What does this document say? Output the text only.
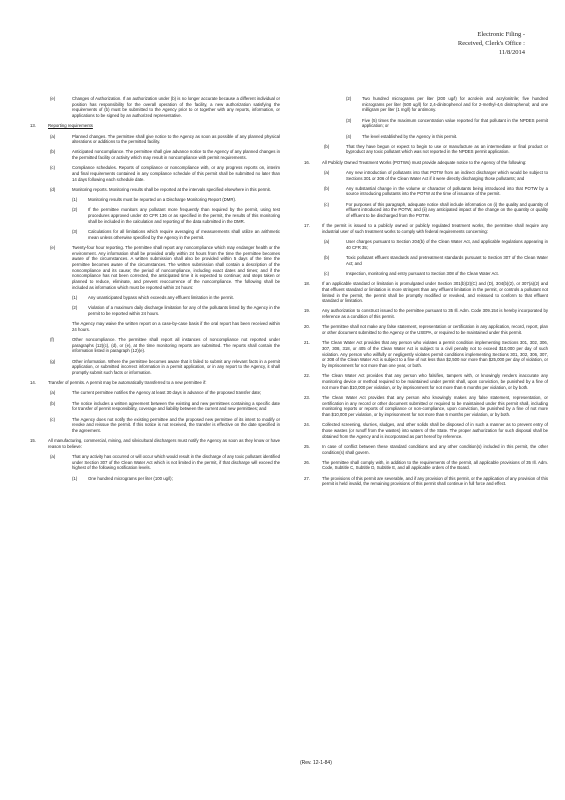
Electronic Filing -
Received, Clerk's Office :
11/8/2014
(e)	Changes of Authorization. If an authorization under (b) is no longer accurate because a different individual or position has responsibility for the overall operation of the facility, a new authorization satisfying the requirements of (b) must be submitted to the Agency prior to or together with any reports, information, or applications to be signed by an authorized representative.
13.	Reporting requirements
(a)	Planned changes. The permittee shall give notice to the Agency as soon as possible of any planned physical alterations or additions to the permitted facility.
(b)	Anticipated noncompliance. The permittee shall give advance notice to the Agency of any planned changes in the permitted facility or activity which may result in noncompliance with permit requirements.
(c)	Compliance schedules. Reports of compliance or noncompliance with, or any progress reports on, interim and final requirements contained in any compliance schedule of this permit shall be submitted no later than 14 days following each schedule date.
(d)	Monitoring reports. Monitoring results shall be reported at the intervals specified elsewhere in this permit.
(1) Monitoring results must be reported on a Discharge Monitoring Report (DMR).
(2) If the permittee monitors any pollutant more frequently than required by the permit, using test procedures approved under 40 CFR 136 or as specified in the permit, the results of this monitoring shall be included in the calculation and reporting of the data submitted in the DMR.
(3) Calculations for all limitations which require averaging of measurements shall utilize an arithmetic mean unless otherwise specified by the Agency in the permit.
(e)	Twenty-four hour reporting. The permittee shall report any noncompliance which may endanger health or the environment. Any information shall be provided orally within 24 hours from the time the permittee becomes aware of the circumstances. A written submission shall also be provided within 5 days of the time the permittee becomes aware of the circumstances. The written submission shall contain a description of the noncompliance and its cause; the period of noncompliance, including exact dates and times; and if the noncompliance has not been corrected, the anticipated time it is expected to continue; and steps taken or planned to reduce, eliminate, and prevent reoccurrence of the noncompliance. The following shall be included as information which must be reported within 24 hours:
(1) Any unanticipated bypass which exceeds any effluent limitation in the permit.
(2) Violation of a maximum daily discharge limitation for any of the pollutants listed by the Agency in the permit to be reported within 24 hours.
The Agency may waive the written report on a case-by-case basis if the oral report has been received within 24 hours.
(f)	Other noncompliance. The permittee shall report all instances of noncompliance not reported under paragraphs (12)(c), (d), or (e), at the time monitoring reports are submitted. The reports shall contain the information listed in paragraph (12)(e).
(g)	Other information. Where the permittee becomes aware that it failed to submit any relevant facts in a permit application, or submitted incorrect information in a permit application, or in any report to the Agency, it shall promptly submit such facts or information.
14.	Transfer of permits. A permit may be automatically transferred to a new permittee if:
(a)	The current permittee notifies the Agency at least 30 days in advance of the proposed transfer date;
(b)	The notice includes a written agreement between the existing and new permittees containing a specific date for transfer of permit responsibility, coverage and liability between the current and new permittees; and
(c)	The Agency does not notify the existing permittee and the proposed new permittee of its intent to modify or revoke and reissue the permit. If this notice is not received, the transfer is effective on the date specified in the agreement.
15.	All manufacturing, commercial, mining, and silvicultural dischargers must notify the Agency as soon as they know or have reason to believe:
(a)	That any activity has occurred or will occur which would result in the discharge of any toxic pollutant identified under Section 307 of the Clean Water Act which is not limited in the permit, if that discharge will exceed the highest of the following notification levels.
(1) One hundred micrograms per liter (100 ug/l);
(2) Two hundred micrograms per liter (200 ug/l) for acrolein and acrylonitrile; five hundred micrograms per liter (500 ug/l) for 2,4-dinitrophenol and for 2-methyl-4,6 dinitrophenol; and one milligram per liter (1 mg/l) for antimony.
(3) Five (5) times the maximum concentration value reported for that pollutant in the NPDES permit application; or
(4) The level established by the Agency in this permit.
(b)	That they have begun or expect to begin to use or manufacture as an intermediate or final product or byproduct any toxic pollutant which was not reported in the NPDES permit application.
16.	All Publicly Owned Treatment Works (POTWs) must provide adequate notice to the Agency of the following:
(a)	Any new introduction of pollutants into that POTW from an indirect discharger which would be subject to Sections 301 or 306 of the Clean Water Act if it were directly discharging those pollutants; and
(b)	Any substantial change in the volume or character of pollutants being introduced into that POTW by a source introducing pollutants into the POTW at the time of issuance of the permit.
(c)	For purposes of this paragraph, adequate notice shall include information on (i) the quality and quantity of effluent introduced into the POTW, and (ii) any anticipated impact of the change on the quantity or quality of effluent to be discharged from the POTW.
17.	If the permit is issued to a publicly owned or publicly regulated treatment works, the permittee shall require any industrial user of such treatment works to comply with federal requirements concerning:
(a)	User charges pursuant to Section 204(b) of the Clean Water Act, and applicable regulations appearing in 40 CFR 35;
(b)	Toxic pollutant effluent standards and pretreatment standards pursuant to Section 307 of the Clean Water Act; and
(c)	Inspection, monitoring and entry pursuant to Section 308 of the Clean Water Act.
18.	If an applicable standard or limitation is promulgated under Section 301(b)(2)(C) and (D), 304(b)(2), or 307(a)(2) and that effluent standard or limitation is more stringent than any effluent limitation in the permit, or controls a pollutant not limited in the permit, the permit shall be promptly modified or revoked, and reissued to conform to that effluent standard or limitation.
19.	Any authorization to construct issued to the permittee pursuant to 35 Ill. Adm. Code 309.154 is hereby incorporated by reference as a condition of this permit.
20.	The permittee shall not make any false statement, representation or certification in any application, record, report, plan or other document submitted to the Agency or the USEPA, or required to be maintained under this permit.
21.	The Clean Water Act provides that any person who violates a permit condition implementing Sections 301, 302, 306, 307, 308, 318, or 405 of the Clean Water Act is subject to a civil penalty not to exceed $10,000 per day of such violation. Any person who willfully or negligently violates permit conditions implementing Sections 301, 302, 306, 307, or 308 of the Clean Water Act is subject to a fine of not less than $2,500 nor more than $25,000 per day of violation, or by imprisonment for not more than one year, or both.
22.	The Clean Water Act provides that any person who falsifies, tampers with, or knowingly renders inaccurate any monitoring device or method required to be maintained under permit shall, upon conviction, be punished by a fine of not more than $10,000 per violation, or by imprisonment for not more than 6 months per violation, or by both.
23.	The Clean Water Act provides that any person who knowingly makes any false statement, representation, or certification in any record or other document submitted or required to be maintained under this permit shall, including monitoring reports or reports of compliance or non-compliance, upon conviction, be punished by a fine of not more than $10,000 per violation, or by imprisonment for not more than 6 months per violation, or by both.
24.	Collected screening, slurries, sludges, and other solids shall be disposed of in such a manner as to prevent entry of those wastes (or runoff from the wastes) into waters of the State. The proper authorization for such disposal shall be obtained from the Agency and is incorporated as part hereof by reference.
25.	In case of conflict between these standard conditions and any other condition(s) included in this permit, the other condition(s) shall govern.
26.	The permittee shall comply with, in addition to the requirements of the permit, all applicable provisions of 35 Ill. Adm. Code, Subtitle C, Subtitle D, Subtitle E, and all applicable orders of the Board.
27.	The provisions of this permit are severable, and if any provision of this permit, or the application of any provision of this permit is held invalid, the remaining provisions of this permit shall continue in full force and effect.
(Rev. 12-1-84)
